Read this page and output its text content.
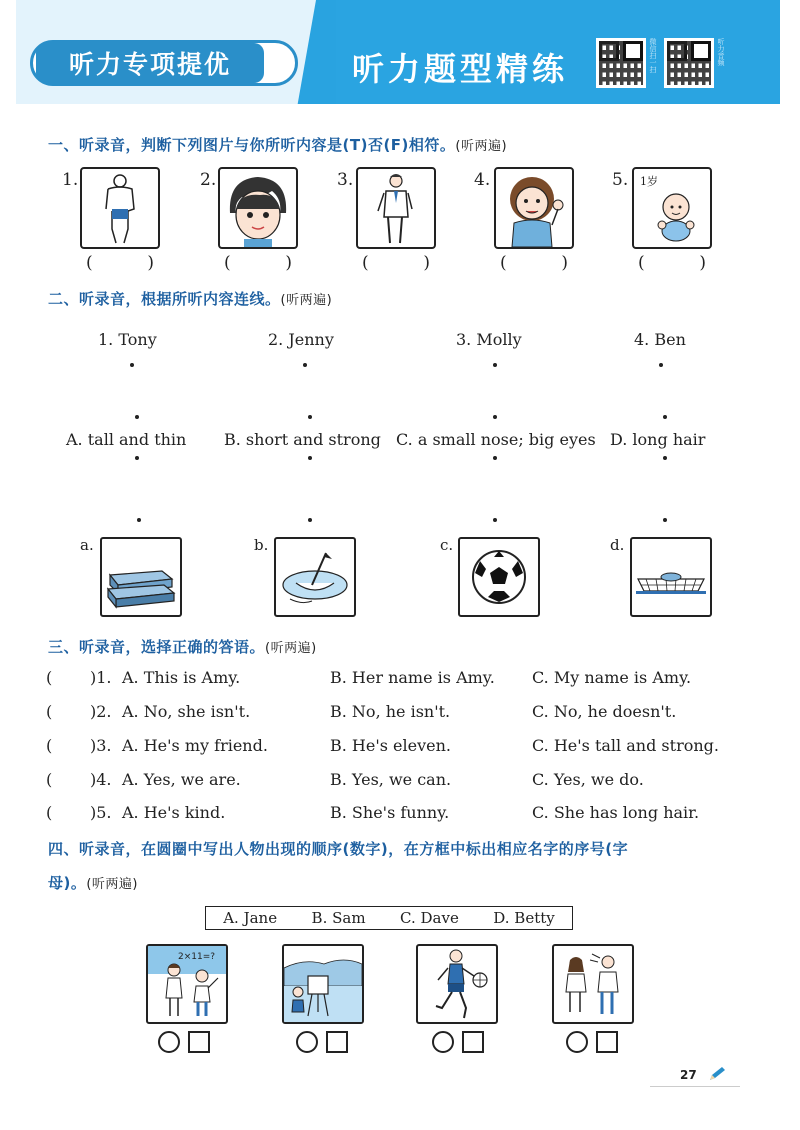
听力专项提优	听力题型精练	微信扫一扫	听力音频
一、听录音，判断下列图片与你所听内容是(T)否(F)相符。(听两遍)
1.
(	)
2.
(	)
3.
(	)
4.
(	)
5. 1岁
(	)
二、听录音，根据所听内容连线。(听两遍)
1. Tony	2. Jenny	3. Molly	4. Ben
A. tall and thin B. short and strong C. a small nose; big eyes D. long hair
a.	b.	c.	d.
三、听录音，选择正确的答语。(听两遍)
( )1. A. This is Amy.	B. Her name is Amy. C. My name is Amy.
( )2. A. No, she isn't.	B. No, he isn't.	C. No, he doesn't.
( )3. A. He's my friend.	B. He's eleven.	C. He's tall and strong.
( )4. A. Yes, we are.	B. Yes, we can.	C. Yes, we do.
( )5. A. He's kind.	B. She's funny.	C. She has long hair.
四、听录音，在圆圈中写出人物出现的顺序(数字)，在方框中标出相应名字的序号(字
母)。(听两遍)
A. Jane B. Sam C. Dave D. Betty
2×11=?
27
